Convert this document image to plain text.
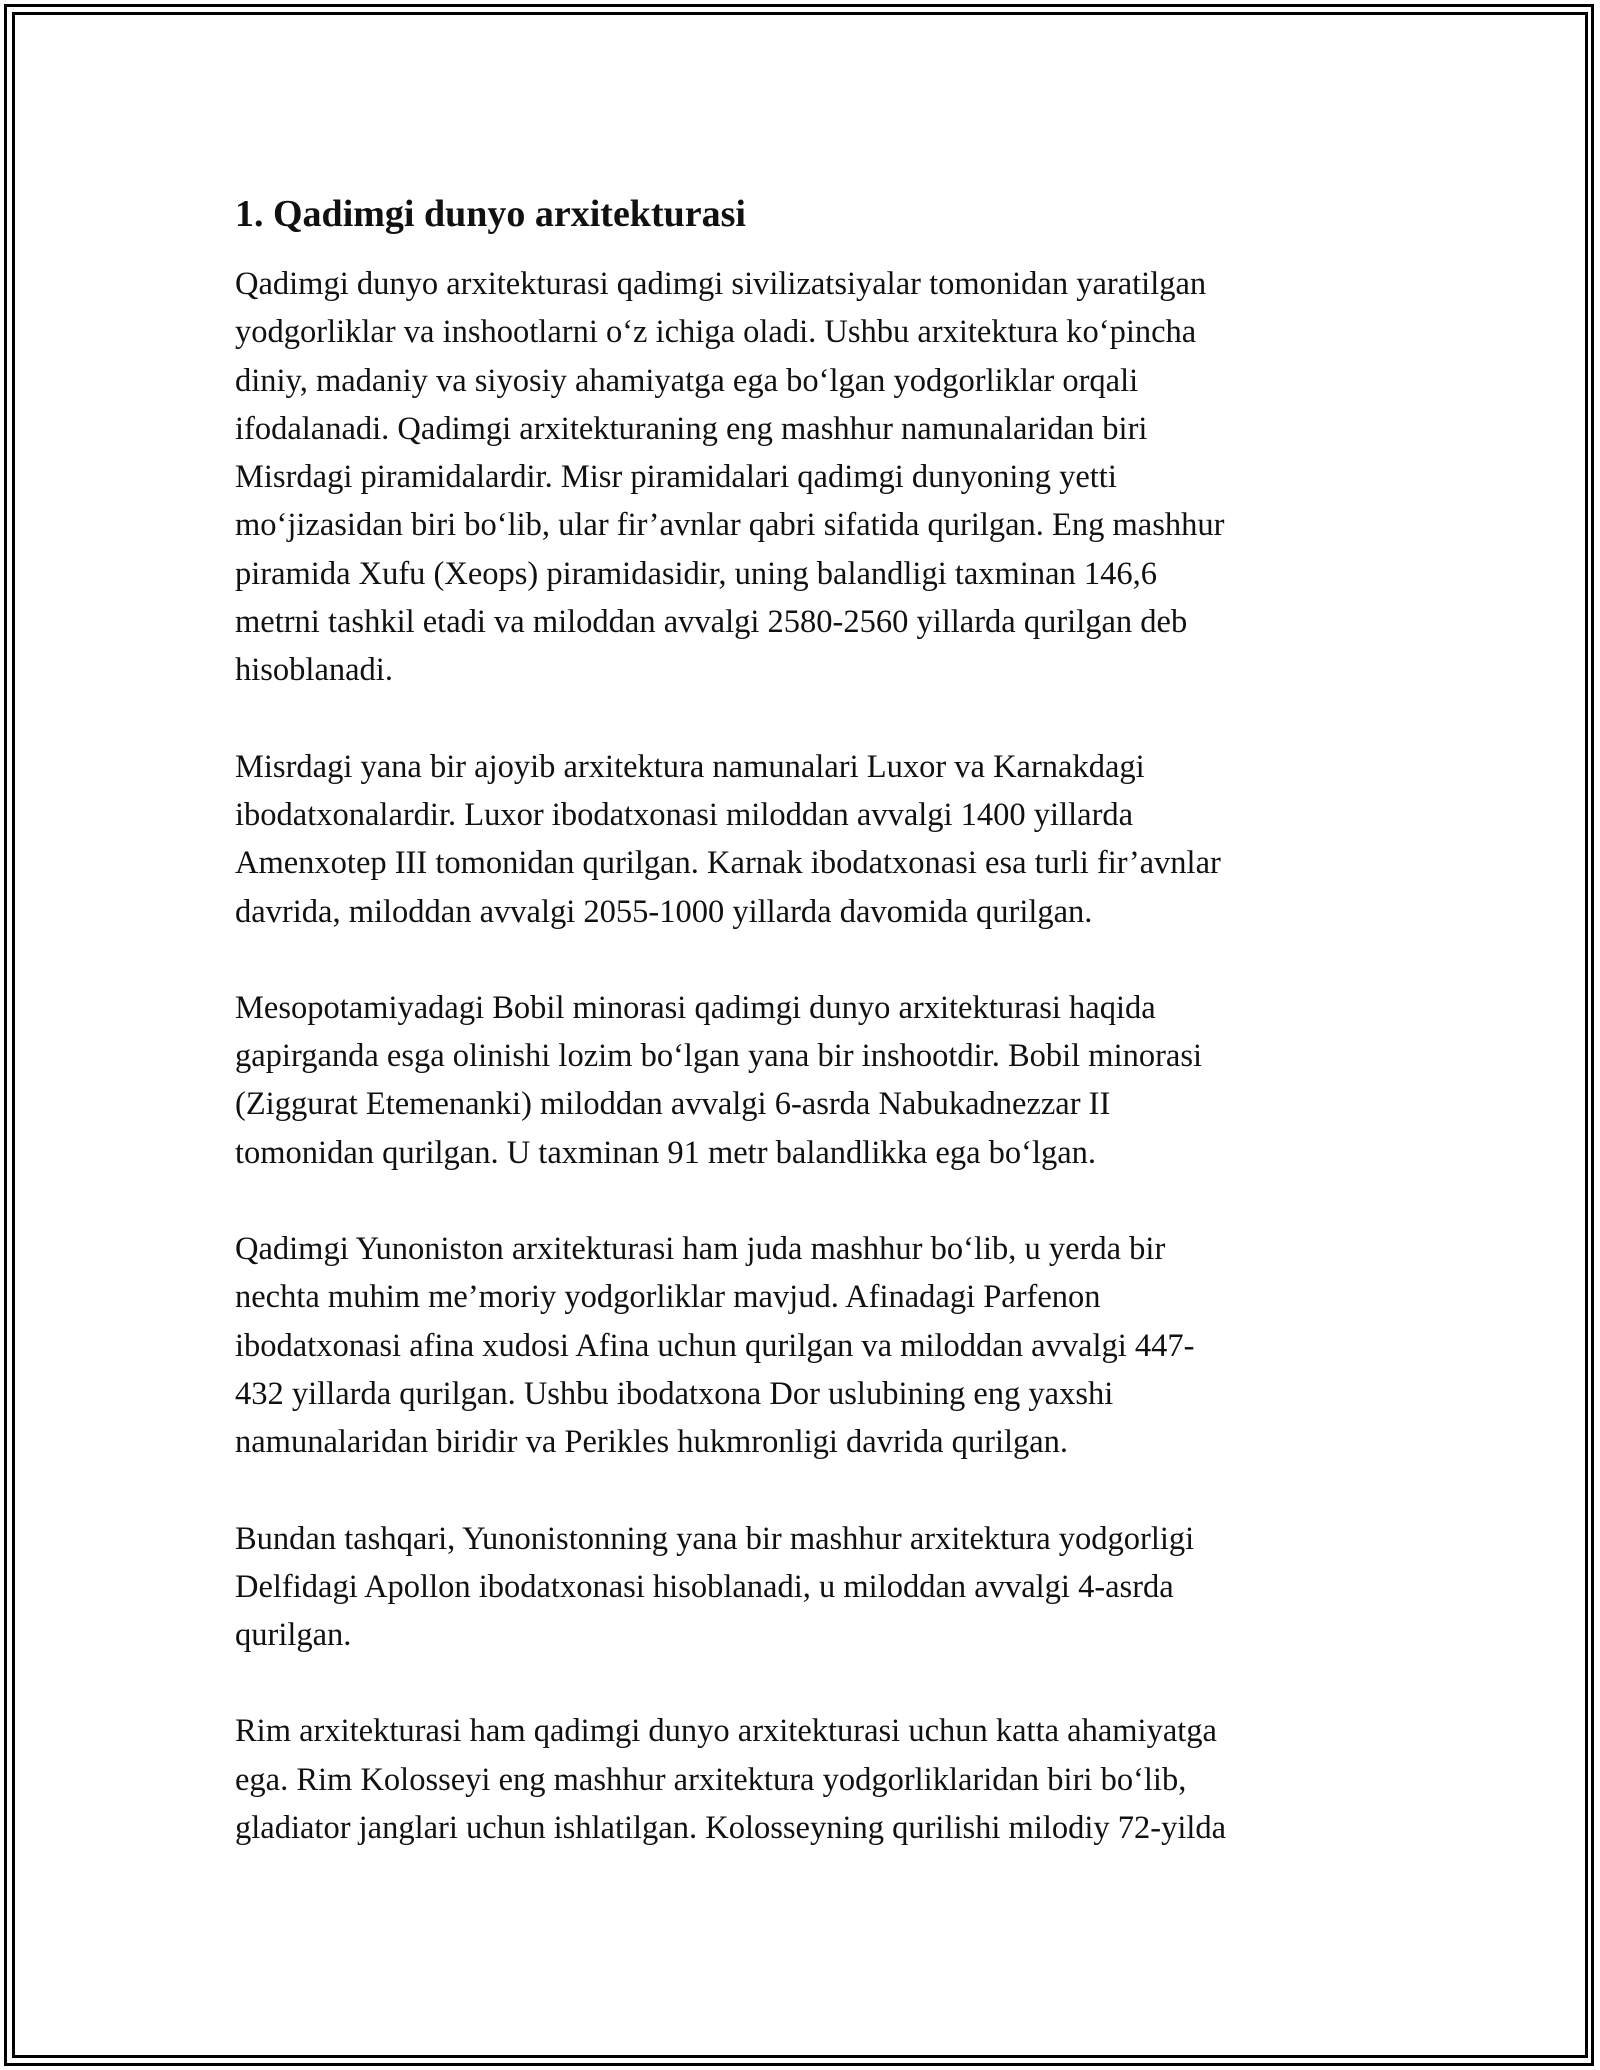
1. Qadimgi dunyo arxitekturasi

Qadimgi dunyo arxitekturasi qadimgi sivilizatsiyalar tomonidan yaratilgan
yodgorliklar va inshootlarni o‘z ichiga oladi. Ushbu arxitektura ko‘pincha
diniy, madaniy va siyosiy ahamiyatga ega bo‘lgan yodgorliklar orqali
ifodalanadi. Qadimgi arxitekturaning eng mashhur namunalaridan biri
Misrdagi piramidalardir. Misr piramidalari qadimgi dunyoning yetti
mo‘jizasidan biri bo‘lib, ular fir’avnlar qabri sifatida qurilgan. Eng mashhur
piramida Xufu (Xeops) piramidasidir, uning balandligi taxminan 146,6
metrni tashkil etadi va miloddan avvalgi 2580-2560 yillarda qurilgan deb
hisoblanadi.

Misrdagi yana bir ajoyib arxitektura namunalari Luxor va Karnakdagi
ibodatxonalardir. Luxor ibodatxonasi miloddan avvalgi 1400 yillarda
Amenxotep III tomonidan qurilgan. Karnak ibodatxonasi esa turli fir’avnlar
davrida, miloddan avvalgi 2055-1000 yillarda davomida qurilgan.

Mesopotamiyadagi Bobil minorasi qadimgi dunyo arxitekturasi haqida
gapirganda esga olinishi lozim bo‘lgan yana bir inshootdir. Bobil minorasi
(Ziggurat Etemenanki) miloddan avvalgi 6-asrda Nabukadnezzar II
tomonidan qurilgan. U taxminan 91 metr balandlikka ega bo‘lgan.

Qadimgi Yunoniston arxitekturasi ham juda mashhur bo‘lib, u yerda bir
nechta muhim me’moriy yodgorliklar mavjud. Afinadagi Parfenon
ibodatxonasi afina xudosi Afina uchun qurilgan va miloddan avvalgi 447-
432 yillarda qurilgan. Ushbu ibodatxona Dor uslubining eng yaxshi
namunalaridan biridir va Perikles hukmronligi davrida qurilgan.

Bundan tashqari, Yunonistonning yana bir mashhur arxitektura yodgorligi
Delfidagi Apollon ibodatxonasi hisoblanadi, u miloddan avvalgi 4-asrda
qurilgan.

Rim arxitekturasi ham qadimgi dunyo arxitekturasi uchun katta ahamiyatga
ega. Rim Kolosseyi eng mashhur arxitektura yodgorliklaridan biri bo‘lib,
gladiator janglari uchun ishlatilgan. Kolosseyning qurilishi milodiy 72-yilda
